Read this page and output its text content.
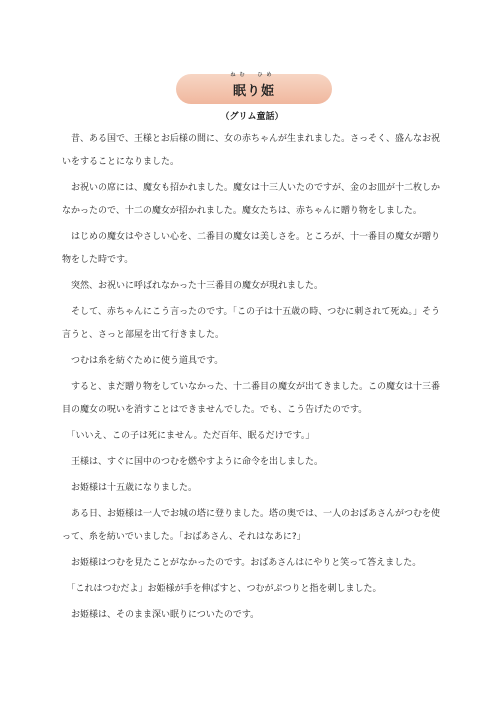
ねむ　ひめ
眠り姫
（グリム童話）

　昔、ある国で、王様とお后様の間に、女の赤ちゃんが生まれました。さっそく、盛んなお祝いをすることになりました。

　お祝いの席には、魔女も招かれました。魔女は十三人いたのですが、金のお皿が十二枚しかなかったので、十二の魔女が招かれました。魔女たちは、赤ちゃんに贈り物をしました。

　はじめの魔女はやさしい心を、二番目の魔女は美しさを。ところが、十一番目の魔女が贈り物をした時です。

　突然、お祝いに呼ばれなかった十三番目の魔女が現れました。

　そして、赤ちゃんにこう言ったのです。「この子は十五歳の時、つむに刺されて死ぬ。」そう言うと、さっと部屋を出て行きました。

　つむは糸を紡ぐために使う道具です。

　すると、まだ贈り物をしていなかった、十二番目の魔女が出てきました。この魔女は十三番目の魔女の呪いを消すことはできませんでした。でも、こう告げたのです。

　「いいえ、この子は死にません。ただ百年、眠るだけです。」

　王様は、すぐに国中のつむを燃やすように命令を出しました。

　お姫様は十五歳になりました。

　ある日、お姫様は一人でお城の塔に登りました。塔の奥では、一人のおばあさんがつむを使って、糸を紡いでいました。「おばあさん、それはなあに?」

　お姫様はつむを見たことがなかったのです。おばあさんはにやりと笑って答えました。

　「これはつむだよ」お姫様が手を伸ばすと、つむがぷつりと指を刺しました。

　お姫様は、そのまま深い眠りについたのです。
